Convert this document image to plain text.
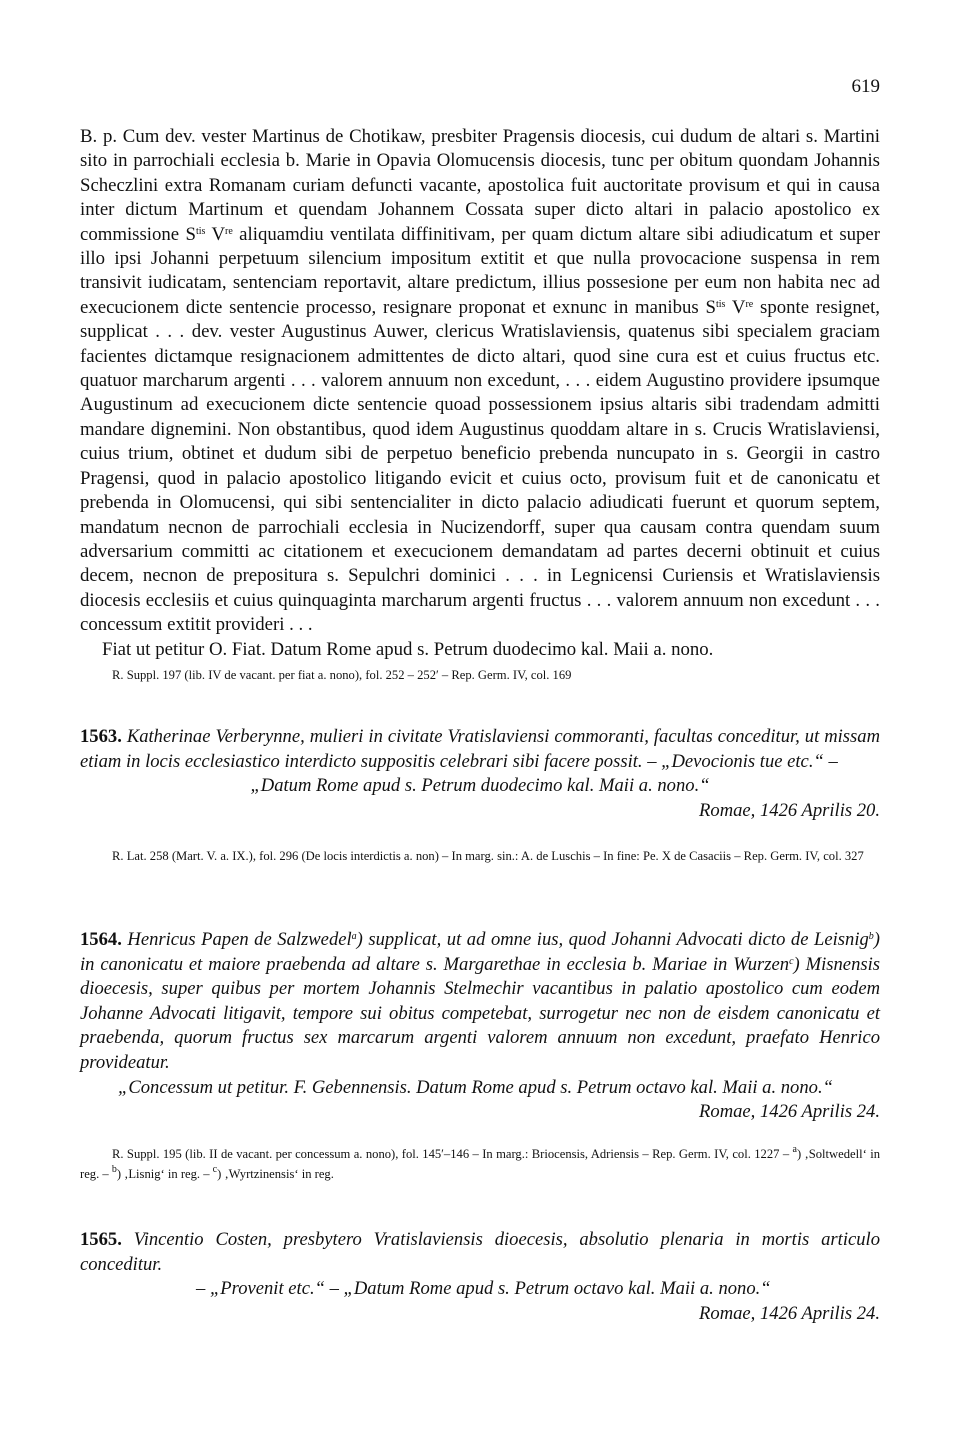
619

B. p. Cum dev. vester Martinus de Chotikaw, presbiter Pragensis diocesis, cui dudum de altari s. Martini sito in parrochiali ecclesia b. Marie in Opavia Olomucensis diocesis, tunc per obitum quondam Johannis Scheczlini extra Romanam curiam defuncti vacante, apostolica fuit auctoritate provisum et qui in causa inter dictum Martinum et quendam Johannem Cossata super dicto altari in palacio apostolico ex commissione $S^{tis}$ Vre aliquamdiu ventilata diffinitivam, per quam dictum altare sibi adiudicatum et super illo ipsi Johanni perpetuum silencium impositum extitit et que nulla provocacione suspensa in rem transivit iudicatam, sentenciam reportavit, altare predictum, illius possesione per eum non habita nec ad execucionem dicte sentencie processo, resignare proponat et exnunc in manibus $S^{tis}$ Vre sponte resignet, supplicat . . . dev. vester Augustinus Auwer, clericus Wratislaviensis, quatenus sibi specialem graciam facientes dictamque resignacionem admittentes de dicto altari, quod sine cura est et cuius fructus etc. quatuor marcharum argenti . . . valorem annuum non excedunt, . . . eidem Augustino providere ipsumque Augustinum ad execucionem dicte sentencie quoad possessionem ipsius altaris sibi tradendam admitti mandare dignemini. Non obstantibus, quod idem Augustinus quoddam altare in s. Crucis Wratislaviensi, cuius trium, obtinet et dudum sibi de perpetuo beneficio prebenda nuncupato in s. Georgii in castro Pragensi, quod in palacio apostolico litigando evicit et cuius octo, provisum fuit et de canonicatu et prebenda in Olomucensi, qui sibi sentencialiter in dicto palacio adiudicati fuerunt et quorum septem, mandatum necnon de parrochiali ecclesia in Nucizendorff, super qua causam contra quendam suum adversarium committi ac citationem et execucionem demandatam ad partes decerni obtinuit et cuius decem, necnon de prepositura s. Sepulchri dominici . . . in Legnicensi Curiensis et Wratislaviensis diocesis ecclesiis et cuius quinquaginta marcharum argenti fructus . . . valorem annuum non excedunt . . . concessum extitit provideri . . .

Fiat ut petitur O. Fiat. Datum Rome apud s. Petrum duodecimo kal. Maii a. nono.

R. Suppl. 197 (lib. IV de vacant. per fiat a. nono), fol. 252 – 252′ – Rep. Germ. IV, col. 169

1563. Katherinae Verberynne, mulieri in civitate Vratislaviensi commoranti, facultas conceditur, ut missam etiam in locis ecclesiastico interdicto suppositis celebrari sibi facere possit. – „Devocionis tue etc.“ –

„Datum Rome apud s. Petrum duodecimo kal. Maii a. nono.“

Romae, 1426 Aprilis 20.

R. Lat. 258 (Mart. V. a. IX.), fol. 296 (De locis interdictis a. non) – In marg. sin.: A. de Luschis – In fine: Pe. X de Casaciis – Rep. Germ. IV, col. 327

1564. Henricus Papen de Salzwedel$^a$) supplicat, ut ad omne ius, quod Johanni Advocati dicto de Leisnig$^b$) in canonicatu et maiore praebenda ad altare s. Margarethae in ecclesia b. Mariae in Wurzen$^c$) Misnensis dioecesis, super quibus per mortem Johannis Stelmechir vacantibus in palatio apostolico cum eodem Johanne Advocati litigavit, tempore sui obitus competebat, surrogetur nec non de eisdem canonicatu et praebenda, quorum fructus sex marcarum argenti valorem annuum non excedunt, praefato Henrico provideatur.

„Concessum ut petitur. F. Gebennensis. Datum Rome apud s. Petrum octavo kal. Maii a. nono.“

Romae, 1426 Aprilis 24.

R. Suppl. 195 (lib. II de vacant. per concessum a. nono), fol. 145′–146 – In marg.: Briocensis, Adriensis – Rep. Germ. IV, col. 1227 – $^a$) ‚Soltwedell‘ in reg. – $^b$) ‚Lisnig‘ in reg. – $^c$) ‚Wyrtzinensis‘ in reg.

1565. Vincentio Costen, presbytero Vratislaviensis dioecesis, absolutio plenaria in mortis articulo conceditur.

– „Provenit etc.“ – „Datum Rome apud s. Petrum octavo kal. Maii a. nono.“

Romae, 1426 Aprilis 24.
